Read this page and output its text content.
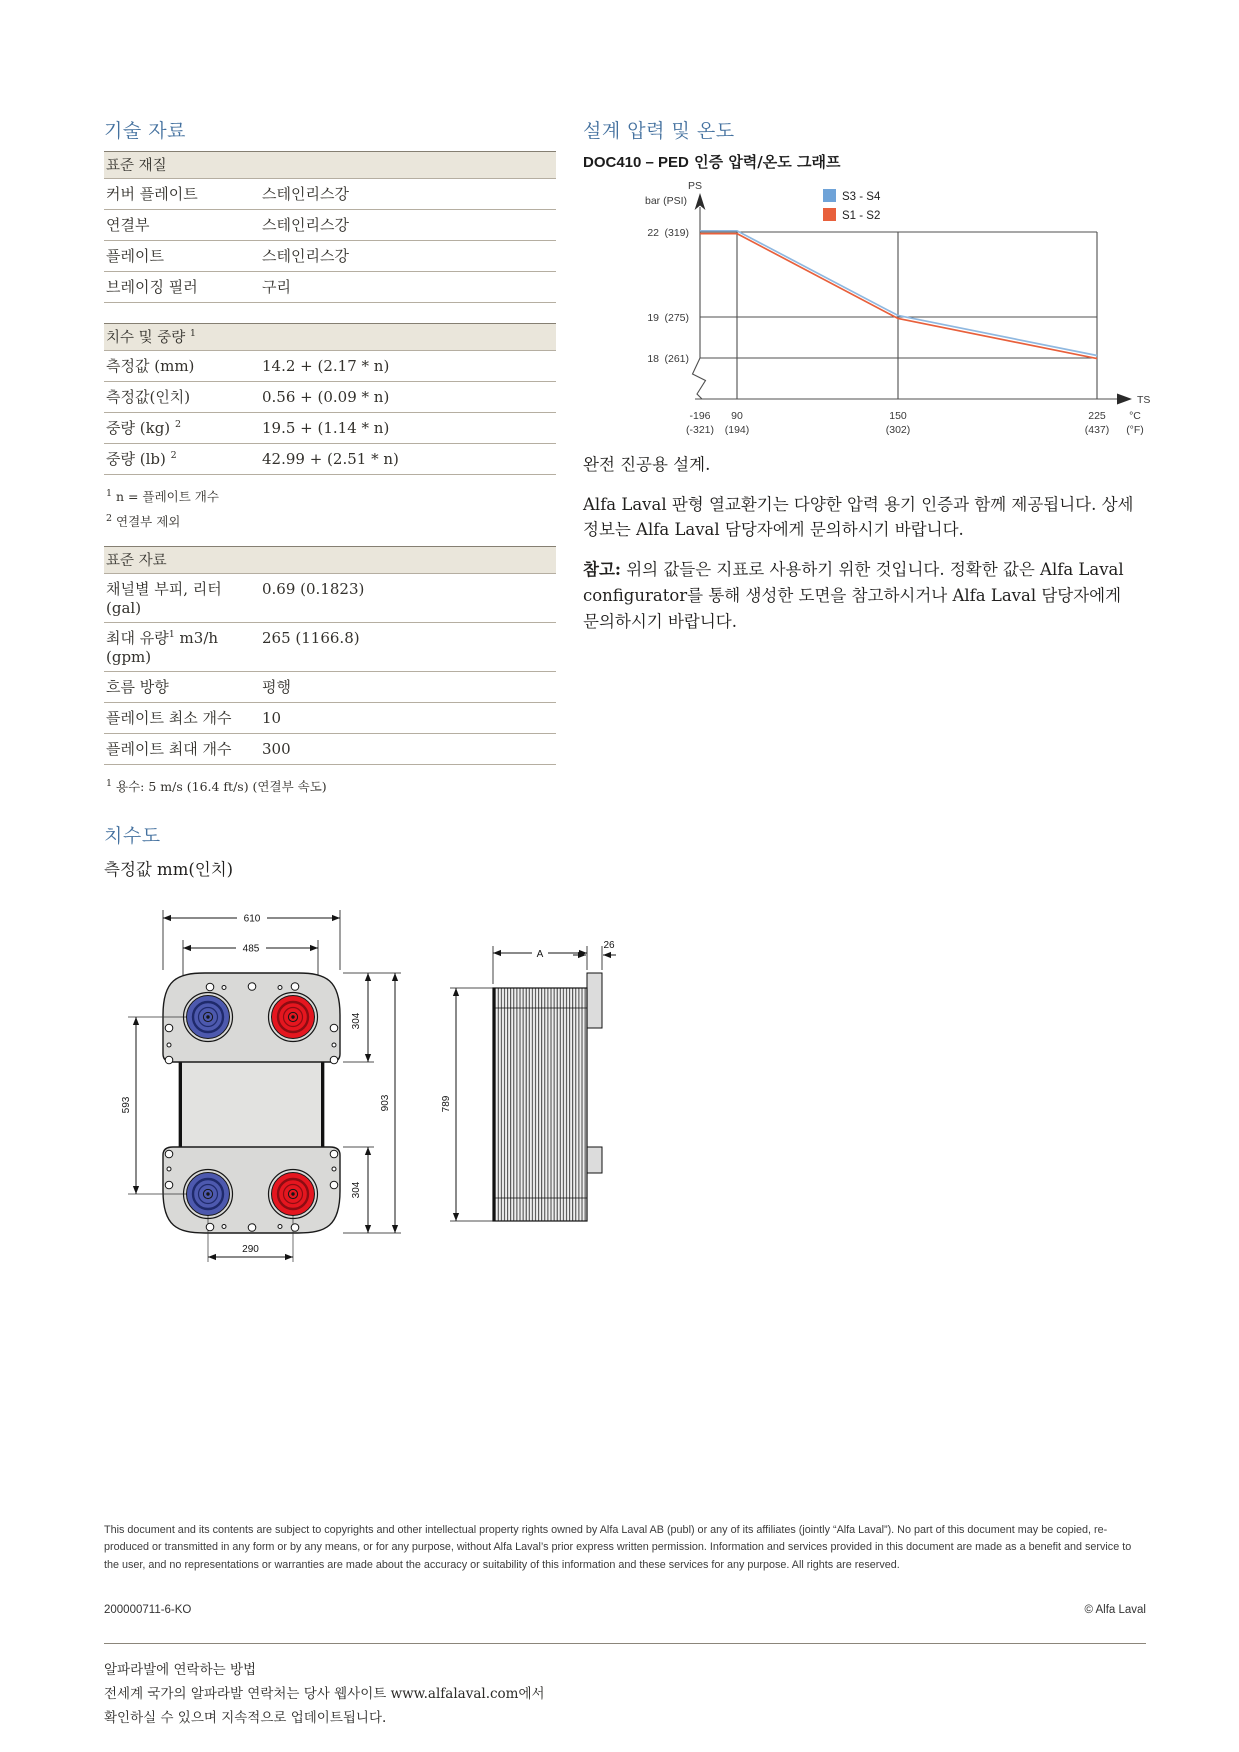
기술 자료
표준 재질	
커버 플레이트	스테인리스강
연결부	스테인리스강
플레이트	스테인리스강
브레이징 필러	구리
치수 및 중량 $^1$
측정값 (mm)	14.2 + (2.17 * n)
측정값(인치)	0.56 + (0.09 * n)
중량 (kg) $^2$	19.5 + (1.14 * n)
중량 (lb) $^2$	42.99 + (2.51 * n)
$^1$ n = 플레이트 개수
$^2$ 연결부 제외
표준 자료	
채널별 부피, 리터(gal)	0.69 (0.1823)
최대 유량$^1$ m3/h (gpm)	265 (1166.8)
흐름 방향	평행
플레이트 최소 개수	10
플레이트 최대 개수	300
$^1$ 용수: 5 m/s (16.4 ft/s) (연결부 속도)
치수도
측정값 mm(인치)
610
485
304
903
304
593
290
A
26
789
설계 압력 및 온도
DOC410 – PED 인증 압력/온도 그래프
S3 - S4
S1 - S2
PS
bar (PSI)
22 (319)
19 (275)
18 (261)
TS
-196
(-321)
90
(194)
150
(302)
225
(437)
°C
(°F)
완전 진공용 설계.
Alfa Laval 판형 열교환기는 다양한 압력 용기 인증과 함께 제공됩니다. 상세 정보는 Alfa Laval 담당자에게 문의하시기 바랍니다.
참고: 위의 값들은 지표로 사용하기 위한 것입니다. 정확한 값은 Alfa Laval configurator를 통해 생성한 도면을 참고하시거나 Alfa Laval 담당자에게 문의하시기 바랍니다.
This document and its contents are subject to copyrights and other intellectual property rights owned by Alfa Laval AB (publ) or any of its affiliates (jointly “Alfa Laval”). No part of this document may be copied, re-produced or transmitted in any form or by any means, or for any purpose, without Alfa Laval’s prior express written permission. Information and services provided in this document are made as a benefit and service to the user, and no representations or warranties are made about the accuracy or suitability of this information and these services for any purpose. All rights are reserved.
200000711-6-KO	© Alfa Laval
알파라발에 연락하는 방법
전세계 국가의 알파라발 연락처는 당사 웹사이트 www.alfalaval.com에서
확인하실 수 있으며 지속적으로 업데이트됩니다.
